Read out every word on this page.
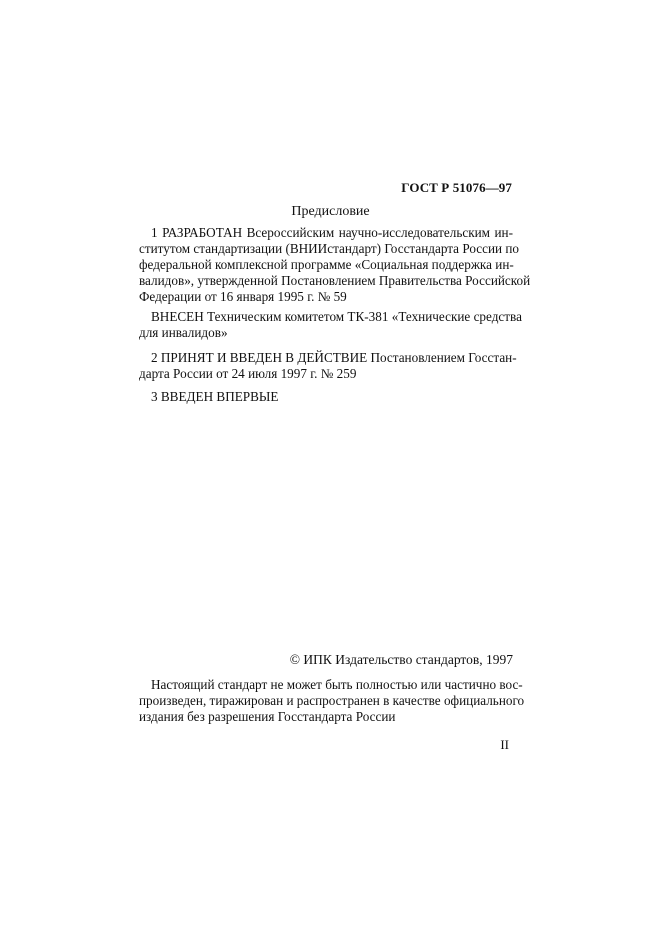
ГОСТ Р 51076—97
Предисловие
1 РАЗРАБОТАН Всероссийским научно-исследовательским ин-
ститутом стандартизации (ВНИИстандарт) Госстандарта России по
федеральной комплексной программе «Социальная поддержка ин-
валидов», утвержденной Постановлением Правительства Российской
Федерации от 16 января 1995 г. № 59
ВНЕСЕН Техническим комитетом ТК-381 «Технические средства
для инвалидов»
2 ПРИНЯТ И ВВЕДЕН В ДЕЙСТВИЕ Постановлением Госстан-
дарта России от 24 июля 1997 г. № 259
3 ВВЕДЕН ВПЕРВЫЕ
© ИПК Издательство стандартов, 1997
Настоящий стандарт не может быть полностью или частично вос-
произведен, тиражирован и распространен в качестве официального
издания без разрешения Госстандарта России
II
